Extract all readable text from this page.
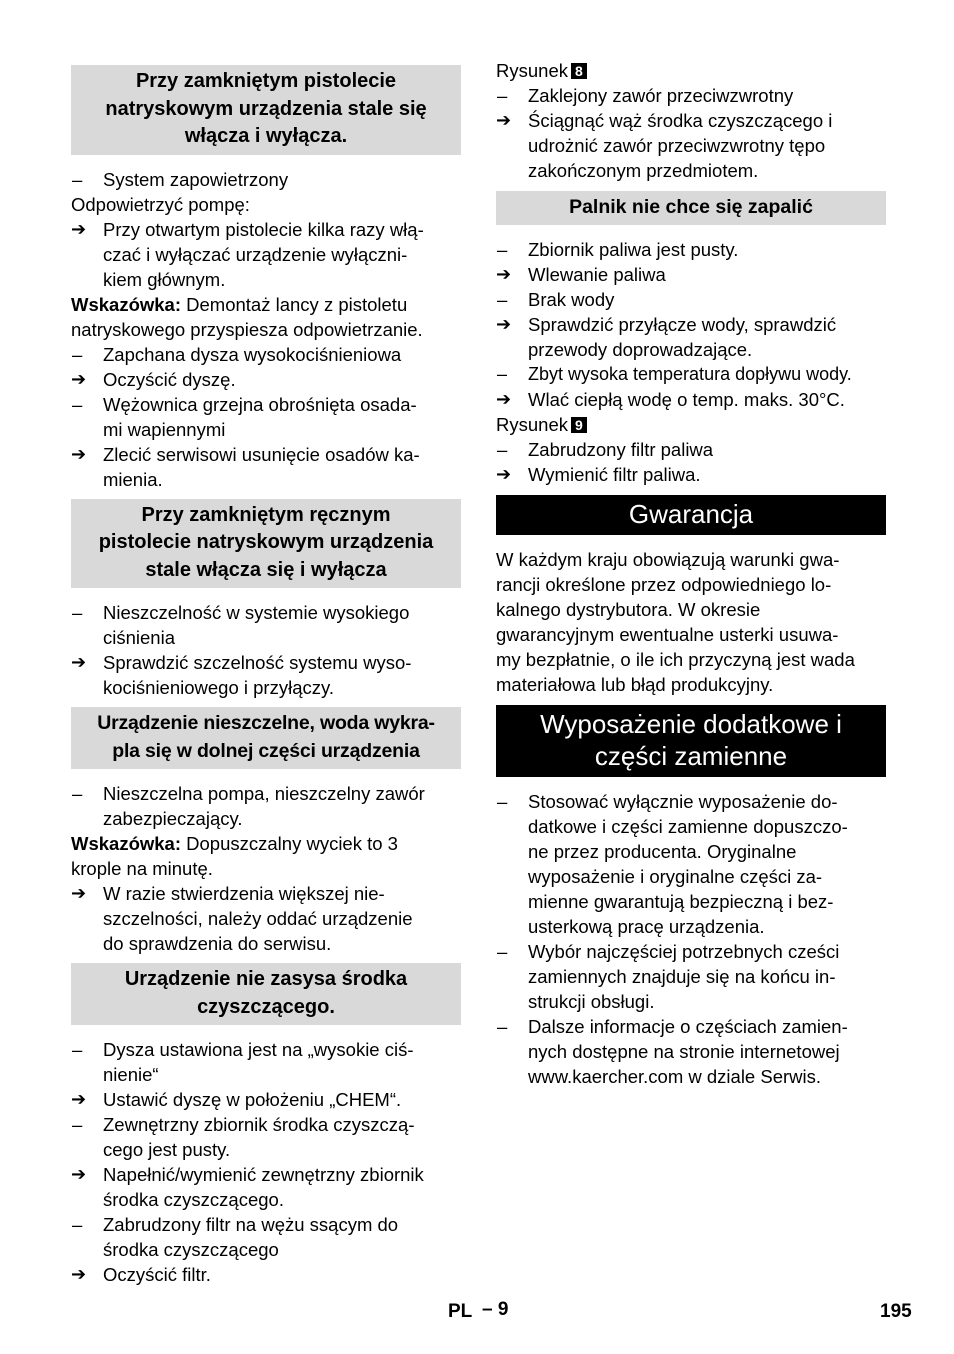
Przy zamkniętym pistolecie
natryskowym urządzenia stale się
włącza i wyłącza.
–	System zapowietrzony

Odpowietrzyć pompę:

➔ Przy otwartym pistolecie kilka razy włą-
czać i wyłączać urządzenie wyłączni-
kiem głównym.

Wskazówka: Demontaż lancy z pistoletu
natryskowego przyspiesza odpowietrzanie.

–	Zapchana dysza wysokociśnieniowa
➔ Oczyścić dyszę.
–	Wężownica grzejna obrośnięta osada-
mi wapiennymi
➔ Zlecić serwisowi usunięcie osadów ka-
mienia.
Przy zamkniętym ręcznym
pistolecie natryskowym urządzenia
stale włącza się i wyłącza
–	Nieszczelność w systemie wysokiego
ciśnienia
➔ Sprawdzić szczelność systemu wyso-
kociśnieniowego i przyłączy.
Urządzenie nieszczelne, woda wykra-
pla się w dolnej części urządzenia
–	Nieszczelna pompa, nieszczelny zawór
zabezpieczający.

Wskazówka: Dopuszczalny wyciek to 3
krople na minutę.

➔ W razie stwierdzenia większej nie-
szczelności, należy oddać urządzenie
do sprawdzenia do serwisu.
Urządzenie nie zasysa środka
czyszczącego.
–	Dysza ustawiona jest na „wysokie ciś-
nienie“
➔ Ustawić dyszę w położeniu „CHEM“.
–	Zewnętrzny zbiornik środka czyszczą-
cego jest pusty.
➔ Napełnić/wymienić zewnętrzny zbiornik
środka czyszczącego.
–	Zabrudzony filtr na wężu ssącym do
środka czyszczącego
➔ Oczyścić filtr.

Rysunek 8

–	Zaklejony zawór przeciwzwrotny
➔ Ściągnąć wąż środka czyszczącego i
udrożnić zawór przeciwzwrotny tępo
zakończonym przedmiotem.
Palnik nie chce się zapalić
–	Zbiornik paliwa jest pusty.
➔ Wlewanie paliwa
–	Brak wody
➔ Sprawdzić przyłącze wody, sprawdzić
przewody doprowadzające.
–	Zbyt wysoka temperatura dopływu wody.
➔ Wlać ciepłą wodę o temp. maks. 30°C.

Rysunek 9

–	Zabrudzony filtr paliwa
➔ Wymienić filtr paliwa.
Gwarancja

W każdym kraju obowiązują warunki gwa-
rancji określone przez odpowiedniego lo-
kalnego dystrybutora. W okresie
gwarancyjnym ewentualne usterki usuwa-
my bezpłatnie, o ile ich przyczyną jest wada
materiałowa lub błąd produkcyjny.

Wyposażenie dodatkowe i
części zamienne
–	Stosować wyłącznie wyposażenie do-
datkowe i części zamienne dopuszczo-
ne przez producenta. Oryginalne
wyposażenie i oryginalne części za-
mienne gwarantują bezpieczną i bez-
usterkową pracę urządzenia.
–	Wybór najczęściej potrzebnych cześci
zamiennych znajduje się na końcu in-
strukcji obsługi.
–	Dalsze informacje o częściach zamien-
nych dostępne na stronie internetowej
www.kaercher.com w dziale Serwis.
PL – 9	195
